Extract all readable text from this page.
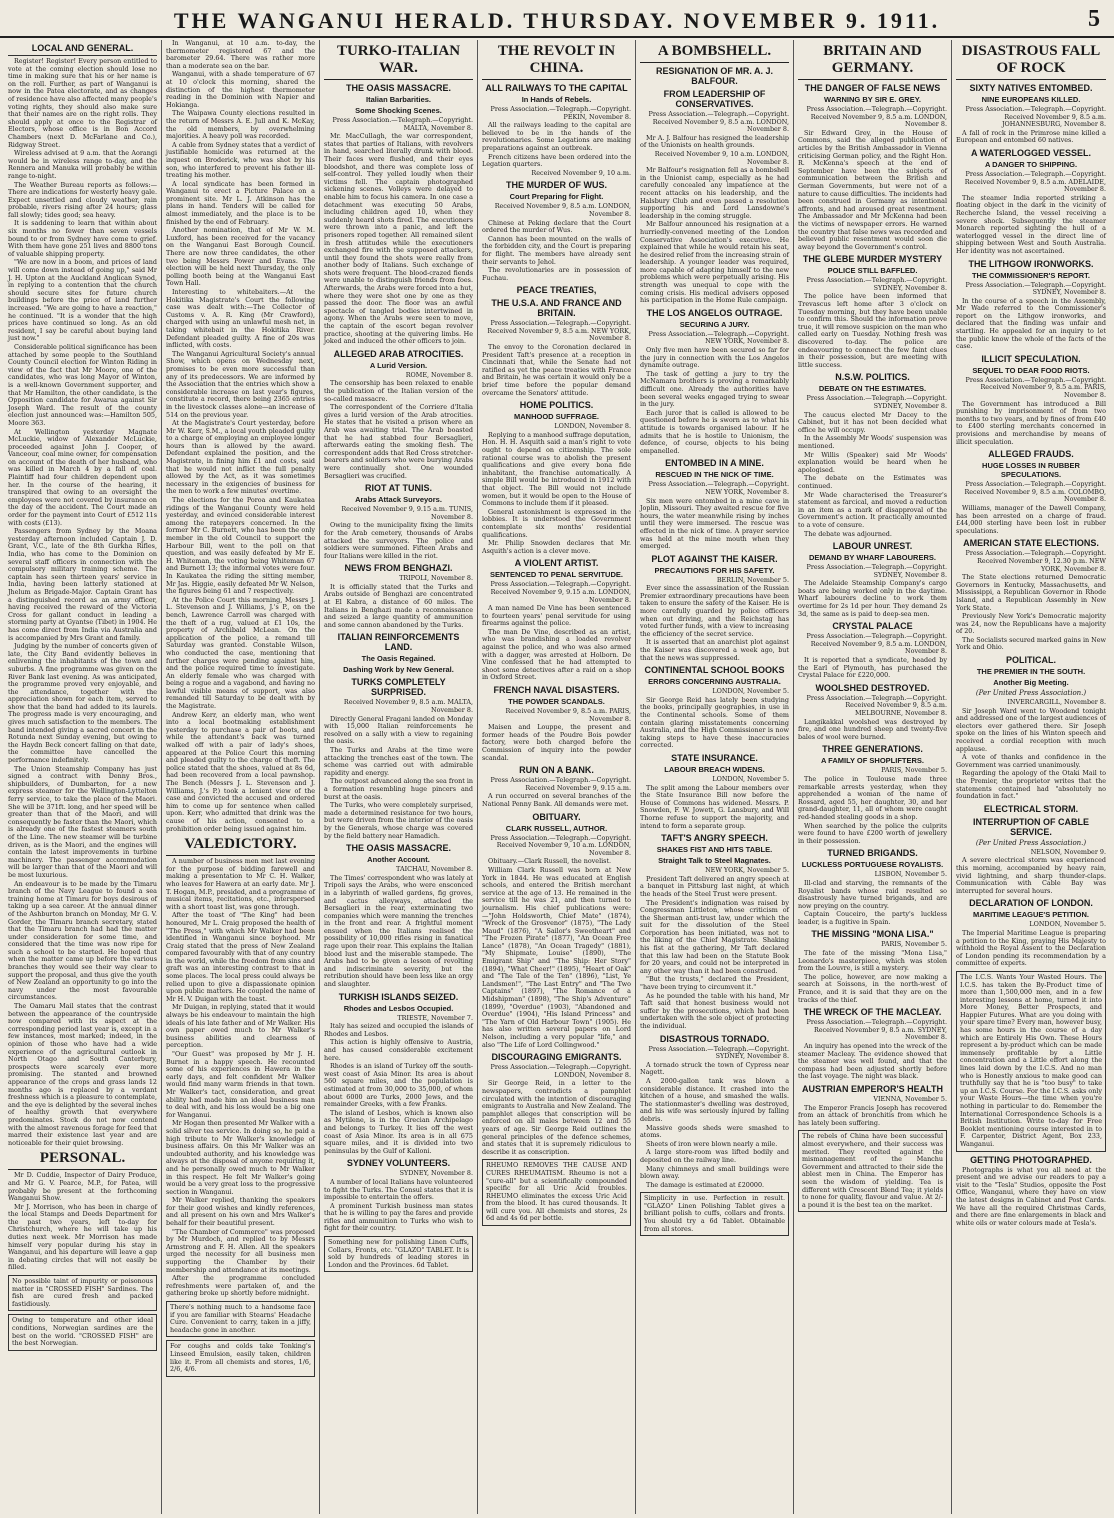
THE WANGANUI HERALD. THURSDAY. NOVEMBER 9. 1911.	5
LOCAL AND GENERAL.

Register! Register! Every person entitled to vote at the coming election should lose no time in making sure that his or her name is on the roll. Further, as part of Wanganui is now in the Patea electorate, and as changes of residence have also affected many people's voting rights, they should also make sure that their names are on the right rolls. They should apply at once to the Registrar of Electors, whose office is in Bon Accord Chambers (next D. McFarlane and Co.), Ridgway Street.

Wireless advised at 9 a.m. that the Aorangi would be in wireless range to-day, and the Rennera and Manuka will probably be within range to-night.

The Weather Bureau reports as follows:—There are indications for westerly heavy gale. Expect unsettled and cloudy weather, rain probable, rivers rising after 24 hours; glass fall slowly; tides good; sea heavy.

It is saddening to learn that within about six months no fewer than seven vessels bound to or from Sydney have come to grief. With them have gone 251 lives and 8800 tons of valuable shipping property.

"We are now in a boom, and prices of land will come down instead of going up," said Mr J. H. Upton at the Auckland Anglican Synod, in replying to a contention that the church should secure sites for future church buildings before the price of land further increased. "We are going to have a reaction," he continued. "It is a wonder that the high prices have continued so long. As an old resident, I say be careful about buying land just now."

Considerable political significance has been attached by some people to the Southland County Council election for Winton Riding in view of the fact that Mr Moore, one of the candidates, who was long Mayor of Winton, is a well-known Government supporter, and that Mr Hamilton, the other candidate, is the Opposition candidate for Awarua against Sir Joseph Ward. The result of the county election just announced was:—Hamilton 505, Moore 363.

At Wellington yesterday Magnate McLuckie, widow of Alexander McLuckie, proceeded against John J. Cooper, of Vanceour, coal mine owner, for compensation on account of the death of her husband, who was killed in March 4 by a fall of coal. Plaintiff had four children dependent upon her. In the course of the hearing, it transpired that owing to an oversight the employees were not covered by insurance on the day of the accident. The Court made an order for the payment into Court of £512 11s with costs (£13).

Passengers from Sydney by the Moana yesterday afternoon included Captain J. D. Grant, V.C., late of the 8th Gurkha Rifles, India, who has come to the Dominion on several staff officers in connection with the compulsory military training scheme. The captain has seen thirteen years' service in India, having been latterly stationed at Jhelum as Brigade-Major. Captain Grant has a distinguished record as an army officer, having received the reward of the Victoria Cross for gallant conduct in leading a storming party at Gyantse (Tibet) in 1904. He has come direct from India via Australia and is accompanied by Mrs Grant and family.

Judging by the number of concerts given of late, the City Band evidently believes in enlivening the inhabitants of the town and suburbs. A fine programme was given on the River Bank last evening. As was anticipated, the programme proved very enjoyable, and the attendance, together with the appreciation shown for each item, served to show that the band had added to its laurels. The progress made is very encouraging, and gives much satisfaction to the members. The band intended giving a sacred concert in the Rotunda next Sunday evening, but owing to the Haydn Beck concert falling on that date, the committee have cancelled the performance indefinitely.

The Union Steamship Company has just signed a contract with Denny Bros., shipbuilders, of Dumbarton, for a new express steamer for the Wellington-Lyttelton ferry service, to take the place of the Maori. She will be 371ft. long, and her speed will be greater than that of the Maori, and will consequently be faster than the Maori, which is already one of the fastest steamers south of the Line. The new steamer will be turbine driven, as is the Maori, and the engines will contain the latest improvements in turbine machinery. The passenger accommodation will be larger than that of the Maori and will be most luxurious.

An endeavour is to be made by the Timaru branch of the Navy League to found a sea training home at Timaru for boys desirous of taking up a sea career. At the annual dinner of the Ashburton branch on Monday, Mr G. V. Gorder, the Timaru branch secretary, stated that the Timaru branch had had the matter under consideration for some time, and considered that the time was now ripe for such a school to be started. He hoped that when the matter came up before the various branches they would see their way clear to support the proposal, and thus give the youth of New Zealand an opportunity to go into the navy under the most favourable circumstances.

The Oamaru Mail states that the contrast between the appearance of the countryside now compared with its aspect at the corresponding period last year is, except in a few instances, most marked; indeed, in the opinion of those who have had a wide experience of the agricultural outlook in North Otago and South Canterbury, prospects were scarcely ever more promising. The stanted and browned appearance of the crops and grass lands 12 months ago is replaced by a verdant freshness which is a pleasure to contemplate, and the eye is delighted by the several inches of healthy growth that everywhere predominates. Stock do not now contend with the almost ravenous forage for feed that marred their existence last year and are noticeable for their quiet browsing.

PERSONAL.

Mr D. Cuddie, Inspector of Dairy Produce, and Mr G. V. Pearce, M.P., for Patea, will probably be present at the forthcoming Wanganui Show.

Mr J. Morrison, who has been in charge of the local Stamps and Deeds Department for the past two years, left to-day for Christchurch, where he will take up his duties next week. Mr Morrison has made himself very popular during his stay in Wanganui, and his departure will leave a gap in debating circles that will not easily be filled.

No possible taint of impurity or poisonous matter in "CROSSED FISH" Sardines. The fish are cured fresh and packed fastidiously.
Owing to temperature and other ideal conditions, Norwegian sardines are the best on the world. "CROSSED FISH" are the best Norwegian.

In Wanganui, at 10 a.m. to-day, the thermometer registered 67 and the barometer 29.64. There was rather more than a moderate sea on the bar.

Wanganui, with a shade temperature of 67 at 10 o'clock this morning, shared the distinction of the highest thermometer reading in the Dominion with Napier and Hokianga.

The Waipawa County elections resulted in the return of Messrs A. E. Jull and K. McKay, the old members, by overwhelming majorities. A heavy poll was recorded.

A cable from Sydney states that a verdict of justifiable homicide was returned at the inquest on Broderick, who was shot by his son, who interfered to prevent his father ill-treating his mother.

A local syndicate has been formed in Wanganui to erect a Picture Palace on a prominent site. Mr L. J. Atkinson has the plans in hand. Tenders will be called for almost immediately, and the place is to be finished by the end of February.

Another nomination, that of Mr W. M. Luxford, has been received for the vacancy on the Wanganui East Borough Council. There are now three candidates, the other two being Messrs Power and Evans. The election will be held next Thursday, the only polling booth being at the Wanganui East Town Hall.

Interesting to whitebaiters.—At the Hokitika Magistrate's Court the following case was dealt with:—The Collector of Customs v. A. R. King (Mr Crawford), charged with using an unlawful mesh net, in taking whitebait in the Hokitika River. Defendant pleaded guilty. A fine of 20s was inflicted, with costs.

The Wanganui Agricultural Society's annual Show, which opens on Wednesday next, promises to be even more successful than any of its predecessors. We are informed by the Association that the entries which show a considerable increase on last year's figures, constitute a record, there being 2365 entries in the livestock classes alone—an increase of 514 on the previous year.

At the Magistrate's Court yesterday, before Mr W. Kerr, S.M., a local youth pleaded guilty to a charge of employing an employee longer hours than is allowed by the award. Defendant explained the position, and the Magistrate, in fining him £1 and costs, said that he would not inflict the full penalty allowed by the Act, as it was sometimes necessary in the exigencies of business for the men to work a few minutes' overtime.

The elections for the Poroa and Kaukatea ridings of the Wanganui County were held yesterday, and evinced considerable interest among the ratepayers concerned. In the former Mr C. Burnett, who has been the only member in the old Council to support the Harbour Bill, went to the poll on that question, and was easily defeated by Mr E. H. Whiteman, the voting being Whiteman 67 and Burnett 13; the informal votes were four. In Kaukatea the riding the sitting member, Mr Jas. Higgie, easily defeated Mr W. Nelson, the figures being 61 and 7 respectively.

At the Police Court this morning, Messrs J. L. Stevenson and J. Williams, J.'s P., on the bench, Lawrence Carroll was charged with the theft of a rug, valued at £1 10s, the property of Archibald McLean. On the application of the police, a remand till Saturday was granted. Constable Wilson, who conducted the case, mentioning that further charges were pending against him, and the police required time to investigate. An elderly female who was charged with being a rogue and a vagabond, and having no lawful visible means of support, was also remanded till Saturday to be dealt with by the Magistrate.

Andrew Kerr, an elderly man, who went into a local bootmaking establishment yesterday to purchase a pair of boots, and while the attendant's back was turned walked off with a pair of lady's shoes, appeared at the Police Court this morning and pleaded guilty to the charge of theft. The police stated that the shoes, valued at 8s 6d, had been recovered from a local pawnshop. The Bench (Messrs J. L. Stevenson and J. Williams, J.'s P.) took a lenient view of the case and convicted the accused and ordered him to come up for sentence when called upon. Kerr, who admitted that drink was the cause of his action, consented to a prohibition order being issued against him.

VALEDICTORY.

A number of business men met last evening for the purpose of bidding farewell and making a presentation to Mr C. H. Walker, who leaves for Hawera at an early date. Mr J. T. Hogan, M.P., presided, and a programme of musical items, recitations, etc., interspersed with a short toast list, was gone through.

After the toast of "The King" had been honoured, Mr L. Craig proposed the health of "The Press," with which Mr Walker had been identified in Wanganui since boyhood. Mr Craig stated that the press of New Zealand compared favourably with that of any country in the world, while the freedom from sins and graft was an interesting contrast to that in some places. The local press could always be relied upon to give a dispassionate opinion upon public matters. He coupled the name of Mr H. V. Duigan with the toast.

Mr Duigan, in replying, stated that it would always be his endeavour to maintain the high ideals of his late father and of Mr Walker. His own paper owed much to Mr Walker's business abilities and clearness of perception.

"Our Guest" was proposed by Mr J. H. Burnet in a happy speech. He recounted some of his experiences in Hawera in the early days, and felt confident Mr Walker would find many warm friends in that town. Mr Walker's tact, consideration, and great ability had made him an ideal business man to deal with, and his loss would be a big one for Wanganui.

Mr Hogan then presented Mr Walker with a solid silver tea service. In doing so, he paid a high tribute to Mr Walker's knowledge of business affairs. On this Mr Walker was an undoubted authority, and his knowledge was always at the disposal of anyone requiring it, and he personally owed much to Mr Walker in this respect. He felt Mr Walker's going would be a very great loss to the progressive section in Wanganui.

Mr Walker replied, thanking the speakers for their good wishes and kindly references, and all present on his own and Mrs Walker's behalf for their beautiful present.

"The Chamber of Commerce" was proposed by Mr Murdoch, and replied to by Messrs Armstrong and F. H. Allen. All the speakers urged the necessity for all business men supporting the Chamber by their membership and attendance at its meetings.

After the programme concluded refreshments were partaken of, and the gathering broke up shortly before midnight.

There's nothing much to a handsome face if you are familiar with Stearns' Headache Cure. Convenient to carry, taken in a jiffy, headache gone in another.
For coughs and colds take Tonking's Linseed Emulsion, easily taken, children like it. From all chemists and stores, 1/6, 2/6, 4/6.
TURKO-ITALIAN WAR.
THE OASIS MASSACRE.
Italian Barbarities.
Some Shocking Scenes.
Press Association.—Telegraph.—Copyright. MALTA, November 8.

Mr. MacCullagh, the war correspondent, states that parties of Italians, with revolvers in hand, searched literally drunk with blood. Their faces were flushed, and their eyes bloodshot, and there was complete loss of self-control. They yelled loudly when their victims fell. The captain photographed sickening scenes. Volleys were delayed to enable him to focus his camera. In one case a detachment was executing 50 Arabs, including children aged 10, when they suddenly heard shots fired. The executioners were thrown into a panic, and left the prisoners roped together. All remained silent in fresh attitudes while the executioners exchanged fire with the supposed attackers, until they found the shots were really from another body of Italians. Such exchange of shots were frequent. The blood-crazed fiends were unable to distinguish friends from foes. Afterwards, the Arabs were forced into a hut, where they were shot one by one as they passed the door. The floor was an awful spectacle of tangled bodies intertwined in agony. When the Arabs were seen to move, the captain of the escort began revolver practice, shooting at the quivering limbs. He joked and induced the other officers to join.

ALLEGED ARAB ATROCITIES.
A Lurid Version.
ROME, November 8.

The censorship has been relaxed to enable the publication of the Italian version of the so-called massacre.

The correspondent of the Corriere d'Italia gives a lurid version of the Arab atrocities. He states that he visited a prison where an Arab was awaiting trial. The Arab boasted that he had stabbed four Bersaglieri, afterwards eating the smoking flesh. The correspondent adds that Red Cross stretcher-bearers and soldiers who were burying Arabs were continually shot. One wounded Bersaglieri was crucified.

RIOT AT TUNIS.
Arabs Attack Surveyors.
Received November 9, 9.15 a.m. TUNIS, November 8.

Owing to the municipality fixing the limits for the Arab cemetery, thousands of Arabs attacked the surveyors. The police and soldiers were summoned. Fifteen Arabs and four Italians were killed in the riot.

NEWS FROM BENGHAZI.
TRIPOLI, November 8.

It is officially stated that the Turks and Arabs outside of Benghazi are concentrated at El Kabra, a distance of 60 miles. The Italians in Benghazi made a reconnaissance and seized a large quantity of ammunition and some cannon abandoned by the Turks.

ITALIAN REINFORCEMENTS LAND.
The Oasis Regained.
Dashing Work by New General.
TURKS COMPLETELY SURPRISED.
Received November 9, 8.5 a.m. MALTA, November 8.

Directly General Fragani landed on Monday with 15,000 Italian reinforcements he resolved on a sally with a view to regaining the oasis.

The Turks and Arabs at the time were attacking the trenches east of the town. The scheme was carried out with admirable rapidity and energy.

The outpost advanced along the sea front in a formation resembling huge pincers and burst at the oasis.

The Turks, who were completely surprised, made a determined resistance for two hours, but were driven from the interior of the oasis by the Generals, whose charge was covered by the field battery near Hamadich.

THE OASIS MASSACRE.
Another Account.
TAICHAU, November 8.

The Times' correspondent who was lately at Tripoli says the Arabs, who were ensconced in a labyrinth of walled gardens, fig groves, and cactus alleyways, attacked the Bersaglieri in the rear, exterminating two companies which were manning the trenches in the front and rear. A frightful moment ensued when the Italians realised the possibility of 10,000 rifles rising in fanatical rage upon their rear. This explains the Italian blood lust and the miserable stampede. The Arabs had to be given a lesson of revolting and indiscriminate severity, but the retribution should have been less like an orgy and slaughter.

TURKISH ISLANDS SEIZED.
Rhodes and Lesbos Occupied.
TRIESTE, November 7.

Italy has seized and occupied the islands of Rhodes and Lesbos.

This action is highly offensive to Austria, and has caused considerable excitement here.

Rhodes is an island of Turkey off the south-west coast of Asia Minor. Its area is about 560 square miles, and the population is estimated at from 30,000 to 35,000, of whom about 6000 are Turks, 2000 Jews, and the remainder Greeks, with a few Franks.

The island of Lesbos, which is known also as Mytilene, is in the Grecian Archipelago and belongs to Turkey. It lies off the west coast of Asia Minor. Its area is in all 675 square miles, and it is divided into two peninsulas by the Gulf of Kalloni.

SYDNEY VOLUNTEERS.
SYDNEY, November 8.

A number of local Italians have volunteered to fight the Turks. The Consul states that it is impossible to entertain the offers.

A prominent Turkish business man states that he is willing to pay the fares and provide rifles and ammunition to Turks who wish to fight for their country.

Something new for polishing Linen Cuffs, Collars, Fronts, etc. "GLAZO" TABLET. It is sold by hundreds of leading stores in London and the Provinces. 6d Tablet.
THE REVOLT IN CHINA.
ALL RAILWAYS TO THE CAPITAL
In Hands of Rebels.
Press Association.—Telegraph.—Copyright. PEKIN, November 8.

All the railways leading to the capital are believed to be in the hands of the revolutionaries. Some Legations are making preparations against an outbreak.

French citizens have been ordered into the Legation quarters.

Received November 9, 10 a.m.
THE MURDER OF WUS.
Court Preparing for Flight.
Received November 9, 8.5 a.m. LONDON, November 8.

Chinese at Peking declare that the Court ordered the murder of Wus.

Cannon has been mounted on the walls of the forbidden city, and the Court is preparing for flight. The members have already sent their servants to Jehol.

The revolutionaries are in possession of Fuchau.

PEACE TREATIES,
THE U.S.A. AND FRANCE AND BRITAIN.
Press Association.—Telegraph.—Copyright. Received November 9, 8.5 a.m. NEW YORK, November 8.

The envoy to the Coronation declared in President Taft's presence at a reception in Cincinnati that, while the Senate had not ratified as yet the peace treaties with France and Britain, he was certain it would only be a brief time before the popular demand overcame the Senators' attitude.

HOME POLITICS.
MANHOOD SUFFRAGE.
LONDON, November 8.

Replying to a manhood suffrage deputation, Hon. H. H. Asquith said a man's right to vote ought to depend on citizenship. The sole rational course was to abolish the present qualifications and give every bona fide inhabitant, the franchise automatically. A simple Bill would be introduced in 1912 with that object. The Bill would not include women, but it would be open to the House of Commons to include them if it pleased.

General astonishment is expressed in the lobbies. It is understood the Government contemplate six months' residential qualifications.

Mr. Philip Snowden declares that Mr. Asquith's action is a clever move.

A VIOLENT ARTIST.
SENTENCED TO PENAL SERVITUDE.
Press Association.—Telegraph.—Copyright. Received November 9, 9.15 a.m. LONDON, November 8.

A man named De Vine has been sentenced to fourteen years' penal servitude for using firearms against the police.

The man De Vine, described as an artist, who was brandishing a loaded revolver against the police, and who was also armed with a dagger, was arrested at Holborn. De Vine confessed that he had attempted to shoot some detectives after a raid on a shop in Oxford Street.

FRENCH NAVAL DISASTERS.
THE POWDER SCANDALS.
Received November 9, 8.5 a.m. PARIS, November 8.

Maisen and Louppe, the present and former heads of the Poudre Bois powder factory, were both charged before the Commission of inquiry into the powder scandal.

RUN ON A BANK.
Press Association.—Telegraph.—Copyright. Received November 9, 9.15 a.m.

A run occurred on several branches of the National Penny Bank. All demands were met.

OBITUARY.
CLARK RUSSELL, AUTHOR.
Press Association.—Telegraph.—Copyright. Received November 9, 10 a.m. LONDON, November 8.

Obituary.—Clark Russell, the novelist.

William Clark Russell was born at New York in 1844. He was educated at English schools, and entered the British merchant service at the age of 13. He remained in the service till he was 21, and then turned to journalism. His chief publications were:—"John Holdsworth, Chief Mate" (1874), "Wreck of the Grosvenor" (1875), "The Lady Maud" (1876), "A Sailor's Sweetheart" and "The Frozen Pirate" (1877), "An Ocean Free Lance" (1878), "An Ocean Tragedy" (1881), "My Shipmate, Louise" (1890), "The Emigrant Ship" and "The Ship: Her Story" (1894), "What Cheer!" (1895), "Heart of Oak" and "The Tale of the Ten" (1896), "List, Ye Landsmen!", "The Last Entry" and "The Two Captains" (1897), "The Romance of a Midshipman" (1898), "The Ship's Adventure" (1899), "Overdue" (1903), "Abandoned and Overdue" (1904), "His Island Princess" and "The Yarn of Old Harbour Town" (1905). He has also written several papers on Lord Nelson, including a very popular "life," and also "The Life of Lord Collingwood."

DISCOURAGING EMIGRANTS.
Press Association.—Telegraph.—Copyright. LONDON, November 8.

Sir George Reid, in a letter to the newspapers, contradicts a pamphlet circulated with the intention of discouraging emigrants to Australia and New Zealand. The pamphlet alleges that conscription will be enforced on all males between 12 and 55 years of age. Sir George Reid outlines the general principles of the defence schemes, and states that it is supremely ridiculous to describe it as conscription.

RHEUMO REMOVES THE CAUSE AND CURES RHEUMATISM. Rheumo is not a "cure-all" but a scientifically compounded specific for all Uric Acid troubles. RHEUMO eliminates the excess Uric Acid from the blood. It has cured thousands. It will cure you. All chemists and stores, 2s 6d and 4s 6d per bottle.
A BOMBSHELL.
RESIGNATION OF MR. A. J. BALFOUR.
FROM LEADERSHIP OF CONSERVATIVES.
Press Association.—Telegraph.—Copyright. Received November 9, 8.5 a.m. LONDON, November 8.

Mr A. J. Balfour has resigned the leadership of the Unionists on health grounds.

Received November 9, 10 a.m. LONDON, November 8.

Mr Balfour's resignation fell as a bombshell in the Unionist camp, especially as he had carefully concealed any impatience at the recent attacks on his leadership, and the Halsbury Club and even passed a resolution supporting his and Lord Lansdowne's leadership in the coming struggle.

Mr Balfour announced his resignation at a hurriedly-convened meeting of the London Conservative Association's executive. He explained that while he would retain his seat, he desired relief from the increasing strain of leadership. A younger leader was required, more capable of adapting himself to the new problems which were perpetually arising. His strength was unequal to cope with the coming crisis. His medical advisers opposed his participation in the Home Rule campaign.

THE LOS ANGELOS OUTRAGE.
SECURING A JURY.
Press Association.—Telegraph.—Copyright. NEW YORK, November 8.

Only five men have been secured so far for the jury in connection with the Los Angelos dynamite outrage.

The task of getting a jury to try the McNamara brothers is proving a remarkably difficult one. Already the authorities have been several weeks engaged trying to swear in the jury.

Each juror that is called is allowed to be questioned before he is sworn as to what his attitude is towards organised labour. If he admits that he is hostile to Unionism, the defence, of course, objects to his being empanelled.

ENTOMBED IN A MINE.
RESCUED IN THE NICK OF TIME.
Press Association.—Telegraph.—Copyright. NEW YORK, November 8.

Six men were entombed in a mine cave in Joplin, Missouri. They awaited rescue for five hours, the water meanwhile rising by inches until they were immersed. The rescue was effected in the nick of time. A prayer service was held at the mine mouth when they emerged.

PLOT AGAINST THE KAISER.
PRECAUTIONS FOR HIS SAFETY.
BERLIN, November 5.

Ever since the assassination of the Russian Premier extraordinary precautions have been taken to ensure the safety of the Kaiser. He is more carefully guarded by police officers when out driving, and the Reichstag has voted further funds, with a view to increasing the efficiency of the secret service.

It is asserted that an anarchist plot against the Kaiser was discovered a week ago, but that the news was suppressed.

CONTINENTAL SCHOOL BOOKS
ERRORS CONCERNING AUSTRALIA.
LONDON, November 5.

Sir George Reid has lately been studying the books, principally geographies, in use in the Continental schools. Some of them contain glaring misstatements concerning Australia, and the High Commissioner is now taking steps to have these inaccuracies corrected.

STATE INSURANCE.
LABOUR BREACH WIDENS.
LONDON, November 5.

The split among the Labour members over the State Insurance Bill now before the House of Commons has widened. Messrs. P. Snowden, F. W. Jowett, G. Lansbury, and Will Thorne refuse to support the majority, and intend to form a separate group.

TAFT'S ANGRY SPEECH.
SHAKES FIST AND HITS TABLE.
Straight Talk to Steel Magnates.
NEW YORK, November 5.

President Taft delivered an angry speech at a banquet in Pittsburg last night, at which the heads of the Steel Trust were present.

The President's indignation was raised by Congressman Littleton, whose criticism of the Sherman anti-trust law, under which the suit for the dissolution of the Steel Corporation has been initiated, was not to the liking of the Chief Magistrate. Shaking his fist at the gathering, Mr Taft declared that this law had been on the Statute Book for 20 years, and could not be interpreted in any other way than it had been construed.

"But the trusts," declared the President, "have been trying to circumvent it."

As he pounded the table with his hand, Mr Taft said that honest business would not suffer by the prosecutions, which had been undertaken with the sole object of protecting the individual.

DISASTROUS TORNADO.
Press Association.—Telegraph.—Copyright. SYDNEY, November 8.

A tornado struck the town of Cypress near Nagett.

A 2000-gallon tank was blown a considerable distance. It crashed into the kitchen of a house, and smashed the walls. The stationmaster's dwelling was destroyed, and his wife was seriously injured by falling debris.

Massive goods sheds were smashed to atoms.

Sheets of iron were blown nearly a mile.

A large store-room was lifted bodily and deposited on the railway line.

Many chimneys and small buildings were blown away.

The damage is estimated at £20000.

Simplicity in use. Perfection in result. "GLAZO" Linen Polishing Tablet gives a brilliant polish to cuffs, collars and fronts. You should try a 6d Tablet. Obtainable from all stores.
BRITAIN AND GERMANY.
THE DANGER OF FALSE NEWS
WARNING BY SIR E. GREY.
Press Association.—Telegraph.—Copyright. Received November 9, 8.5 a.m. LONDON, November 8.

Sir Edward Grey, in the House of Commons, said the alleged publication of articles by the British Ambassador in Vienna criticising German policy, and the Right Hon. R. McKenna's speech at the end of September have been the subjects of communication between the British and German Governments, but were not of a nature to cause difficulties. The incidents had been construed in Germany as intentional affronts, and had aroused great resentment. The Ambassador and Mr McKenna had been the victims of newspaper errors. He warned the country that false news was recorded and believed public resentment would soon die away beyond the Government's control.

THE GLEBE MURDER MYSTERY
POLICE STILL BAFFLED.
Press Association.—Telegraph.—Copyright. SYDNEY, November 8.

The police have been informed that Trevascus left home after 3 o'clock on Tuesday morning, but they have been unable to confirm this. Should the information prove true, it will remove suspicion on the man who called early on Tuesday. Nothing fresh was discovered to-day. The police are endeavouring to connect the few faint clues in their possession, but are meeting with little success.

N.S.W. POLITICS.
DEBATE ON THE ESTIMATES.
Press Association.—Telegraph.—Copyright. SYDNEY, November 8.

The caucus elected Mr Dacey to the Cabinet, but it has not been decided what office he will occupy.

In the Assembly Mr Woods' suspension was mentioned.

Mr Willis (Speaker) said Mr Woods' explanation would be heard when he apologised.

The debate on the Estimates was continued.

Mr Wade characterised the Treasurer's statement as farcical, and moved a reduction in an item as a mark of disapproval of the Government's action. It practically amounted to a vote of censure.

The debate was adjourned.

LABOUR UNREST.
DEMAND BY WHARF LABOURERS.
Press Association.—Telegraph.—Copyright. SYDNEY, November 8.

The Adelaide Steamship Company's cargo boats are being worked only in the daytime. Wharf labourers decline to work them overtime for 2s 1d per hour. They demand 2s 3d, the same as is paid to deep-sea men.

CRYSTAL PALACE
Press Association.—Telegraph.—Copyright. Received November 9, 8.5 a.m. LONDON, November 8.

It is reported that a syndicate, headed by the Earl of Plymouth, has purchased the Crystal Palace for £220,000.

WOOLSHED DESTROYED.
Press Association.—Telegraph.—Copyright. Received November 9, 8.5 a.m. MELBOURNE, November 8.

Langikakkal woolshed was destroyed by fire, and one hundred sheep and twenty-five bales of wool were burned.

THREE GENERATIONS.
A FAMILY OF SHOPLIFTERS.
PARIS, November 5.

The police in Toulouse made three remarkable arrests yesterday, when they apprehended a woman of the name of Rossard, aged 55, her daughter, 30, and her grand-daughter, 11, all of whom were caught red-handed stealing goods in a shop.

When searched by the police the culprits were found to have £200 worth of jewellery in their possession.

TURNED BRIGANDS.
LUCKLESS PORTUGUESE ROYALISTS.
LISBON, November 5.

Ill-clad and starving, the remnants of the Royalist bands whose raid resulted so disastrously have turned brigands, and are now preying on the country.

Captain Couceiro, the party's luckless leader, is a fugitive in Spain.

THE MISSING "MONA LISA."
PARIS, November 5.

The fate of the missing "Mona Lisa," Leonardo's masterpiece, which was stolen from the Louvre, is still a mystery.

The police, however, are now making a search at Soissons, in the north-west of France, and it is said that they are on the tracks of the thief.

THE WRECK OF THE MACLEAY.
Press Association.—Telegraph.—Copyright. Received November 9, 8.5 a.m. SYDNEY, November 8.

An inquiry has opened into the wreck of the steamer Macleay. The evidence showed that the steamer was well found, and that the compass had been adjusted shortly before the last voyage. The night was black.

AUSTRIAN EMPEROR'S HEALTH
VIENNA, November 5.

The Emperor Francis Joseph has recovered from an attack of bronchitis from which he has lately been suffering.

The rebels of China have been successful almost everywhere, and their success was merited. They revolted against the mismanagement of the Manchu Government and attracted to their side the ablest men in China. The Emperor has seen the wisdom of yielding. Tea is different with Crescent Blend Tea; it yields to none for quality, flavour and value. At 2/- a pound it is the best tea on the market.
DISASTROUS FALL OF ROCK
SIXTY NATIVES ENTOMBED.
NINE EUROPEANS KILLED.
Press Association.—Telegraph.—Copyright. Received November 9, 8.5 a.m. JOHANNESBURG, November 8.

A fall of rock in the Primrose mine killed a European and entombed 60 natives.

A WATERLOGGED VESSEL.
A DANGER TO SHIPPING.
Press Association.—Telegraph.—Copyright. Received November 9, 8.5 a.m. ADELAIDE, November 8.

The steamer India reported striking a floating object in the dark in the vicinity of Recherche Island, the vessel receiving a severe shock. Subsequently the steamer Monarch reported sighting the hull of a waterlogged vessel in the direct line of shipping between West and South Australia. Her identity was not ascertained.

THE LITHGOW IRONWORKS.
THE COMMISSIONER'S REPORT.
Press Association.—Telegraph.—Copyright. SYDNEY, November 8.

In the course of a speech in the Assembly, Mr Wade referred to the Commissioner's report on the Lithgow ironworks, and declared that the finding was unfair and startling. He appealed for an inquiry to let the public know the whole of the facts of the case.

ILLICIT SPECULATION.
SEQUEL TO DEAR FOOD RIOTS.
Press Association.—Telegraph.—Copyright. Received November 9, 8.5 a.m. PARIS, November 8.

The Government has introduced a Bill punishing by imprisonment of from two months to two years, and by fines of from £40 to £400 sterling merchants concerned in provisions and merchandise by means of illicit speculation.

ALLEGED FRAUDS.
HUGE LOSSES IN RUBBER SPECULATIONS.
Press Association.—Telegraph.—Copyright. Received November 9, 8.5 a.m. COLOMBO, November 8.

Williams, manager of the Dawell Company, has been arrested on a charge of fraud. £44,000 sterling have been lost in rubber speculations.

AMERICAN STATE ELECTIONS.
Press Association.—Telegraph.—Copyright. Received November 9, 12.30 p.m. NEW YORK, November 8.

The State elections returned Democratic Governors in Kentucky, Massachusetts, and Mississippi, a Republican Governor in Rhode Island, and a Republican Assembly in New York State.

Previously New York's Democratic majority was 24, now the Republicans have a majority of 20.

The Socialists secured marked gains in New York and Ohio.

POLITICAL.
THE PREMIER IN THE SOUTH.
Another Big Meeting.
(Per United Press Association.)
INVERCARGILL, November 8.

Sir Joseph Ward went to Woodend tonight and addressed one of the largest audiences of electors ever gathered there. Sir Joseph spoke on the lines of his Winton speech and received a cordial reception with much applause.

A vote of thanks and confidence in the Government was carried unanimously.

Regarding the apology of the Otaki Mail to the Premier, the proprietor writes that the statements contained had "absolutely no foundation in fact."

ELECTRICAL STORM.
INTERRUPTION OF CABLE SERVICE.
(Per United Press Association.)
NELSON, November 9.

A severe electrical storm was experienced this morning, accompanied by heavy rain, vivid lightning, and sharp thunder-claps. Communication with Cable Bay was interrupted for several hours.

DECLARATION OF LONDON.
MARITIME LEAGUE'S PETITION.
LONDON, November 5.

The Imperial Maritime League is preparing a petition to the King, praying His Majesty to withhold the Royal Assent to the Declaration of London pending its recommendation by a committee of experts.

The I.C.S. Wants Your Wasted Hours. The I.C.S. has taken the By-Product time of more than 1,500,000 men, and in a few interesting lessons at home, turned it into More Money, Better Prospects, and Happier Futures. What are you doing with your spare time? Every man, however busy, has some hours in the course of a day which are Entirely His Own. These Hours represent a by-product which can be made immensely profitable by a Little concentration and a Little effort along the lines laid down by the I.C.S. And no man who is Honestly anxious to make good can truthfully say that he is "too busy" to take up an I.C.S. Course. For the I.C.S. asks only your Waste Hours—the time when you're nothing in particular to do. Remember the International Correspondence Schools is a British Institution. Write to-day for Free Booklet mentioning course interested in to F. Carpenter, District Agent, Box 233, Wanganui.
GETTING PHOTOGRAPHED.

Photographs is what you all need at the present and we advise our readers to pay a visit to the "Tesla" Studios, opposite the Post Office, Wanganui, where they have on view the latest designs in Cabinet and Post Cards. We have all the required Christmas Cards, and there are fine enlargements in black and white oils or water colours made at Tesla's.
